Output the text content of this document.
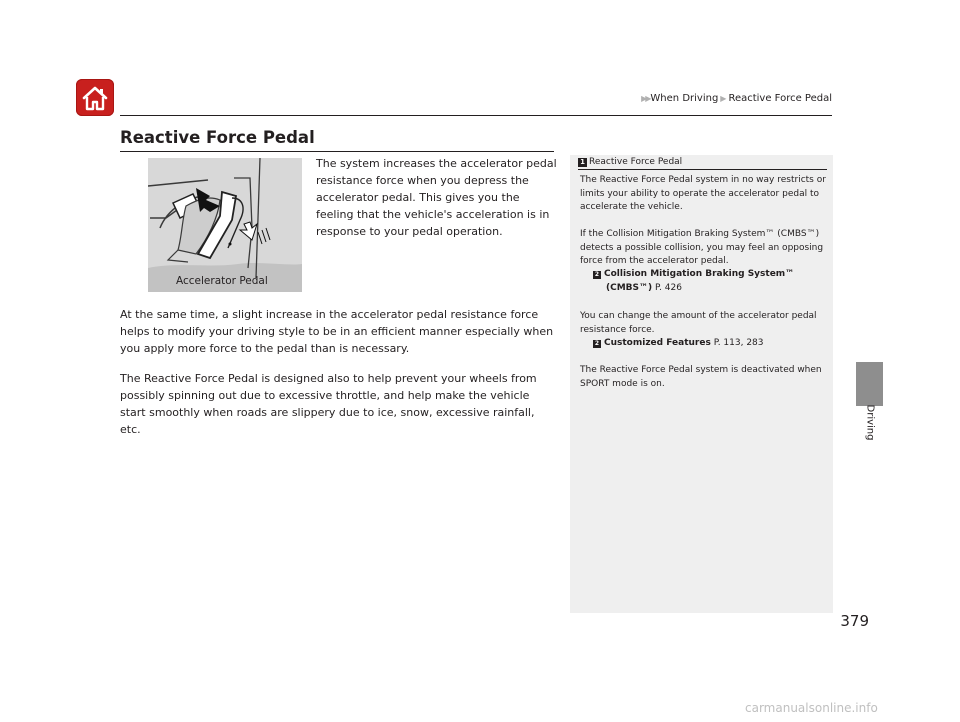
▶▶ When Driving ▶ Reactive Force Pedal
Driving
Reactive Force Pedal
Accelerator Pedal
The system increases the accelerator pedal resistance force when you depress the accelerator pedal. This gives you the feeling that the vehicle's acceleration is in response to your pedal operation.
At the same time, a slight increase in the accelerator pedal resistance force helps to modify your driving style to be in an efficient manner especially when you apply more force to the pedal than is necessary.
The Reactive Force Pedal is designed also to help prevent your wheels from possibly spinning out due to excessive throttle, and help make the vehicle start smoothly when roads are slippery due to ice, snow, excessive rainfall, etc.
1 Reactive Force Pedal
The Reactive Force Pedal system in no way restricts or limits your ability to operate the accelerator pedal to accelerate the vehicle.
If the Collision Mitigation Braking System™ (CMBS™) detects a possible collision, you may feel an opposing force from the accelerator pedal.
2 Collision Mitigation Braking System™
(CMBS™) P. 426
You can change the amount of the accelerator pedal resistance force.
2 Customized Features P. 113, 283
The Reactive Force Pedal system is deactivated when SPORT mode is on.
379
carmanualsonline.info
